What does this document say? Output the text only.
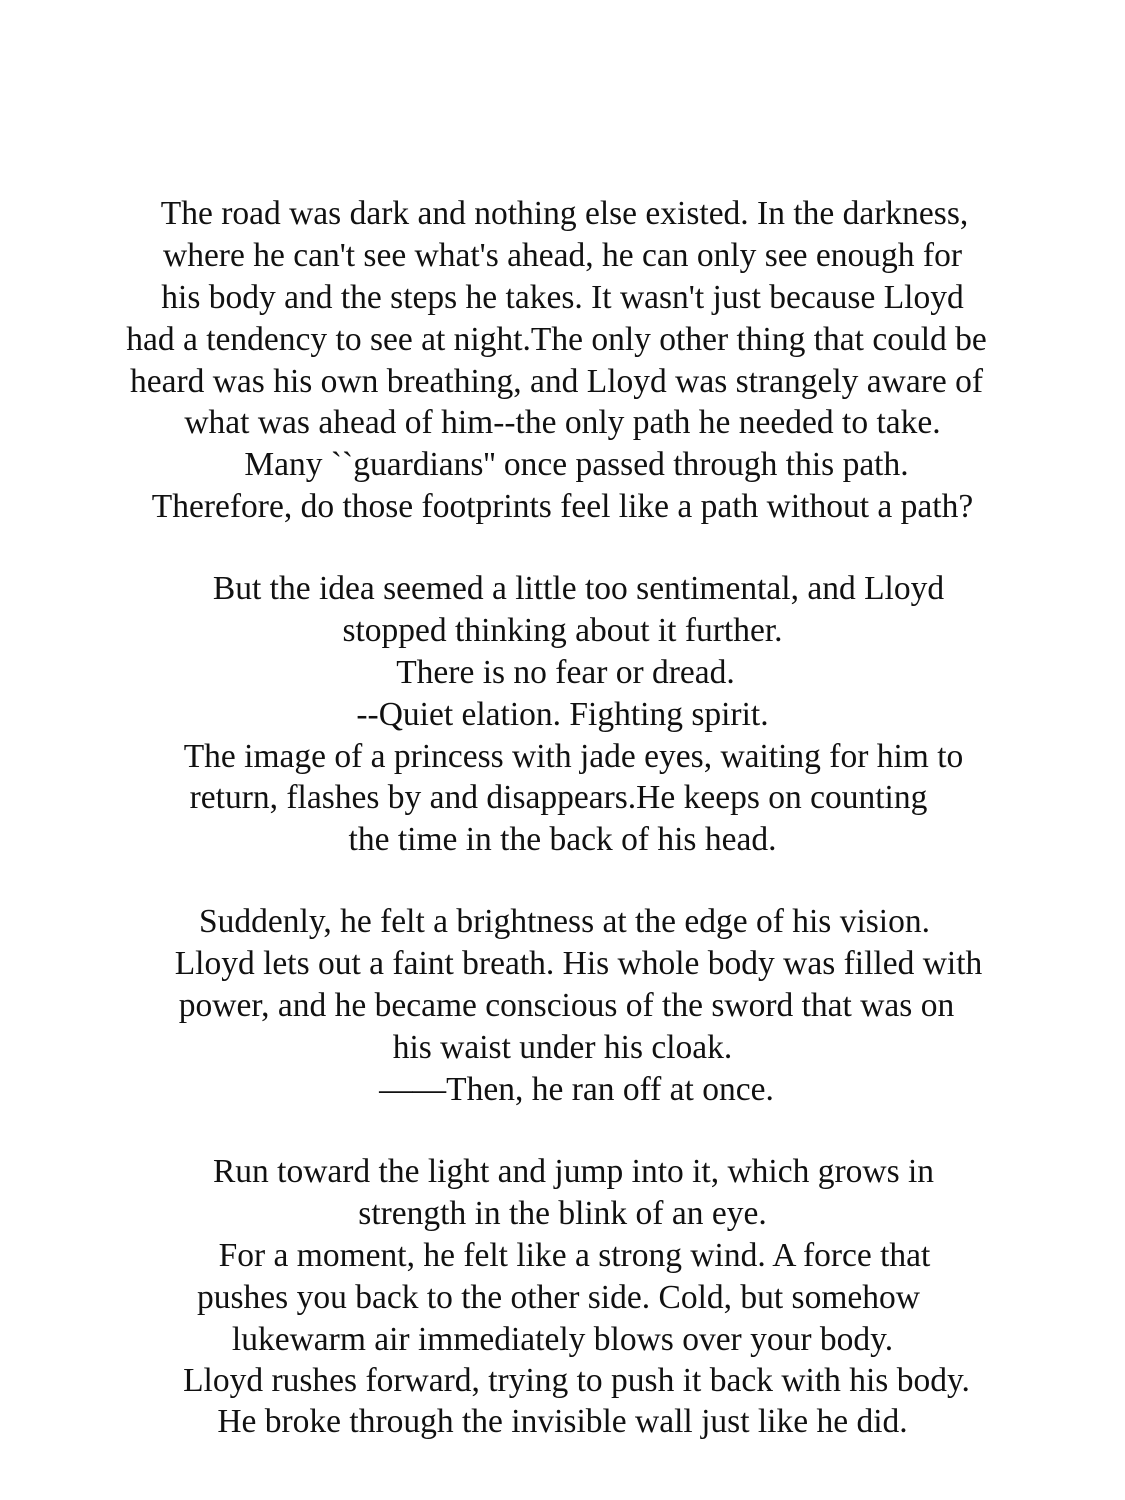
The road was dark and nothing else existed. In the darkness,
where he can't see what's ahead, he can only see enough for
his body and the steps he takes. It wasn't just because Lloyd
had a tendency to see at night.The only other thing that could be
heard was his own breathing, and Lloyd was strangely aware of
what was ahead of him--the only path he needed to take.
Many ``guardians'' once passed through this path.
Therefore, do those footprints feel like a path without a path?
But the idea seemed a little too sentimental, and Lloyd
stopped thinking about it further.
There is no fear or dread.
--Quiet elation. Fighting spirit.
The image of a princess with jade eyes, waiting for him to
return, flashes by and disappears.He keeps on counting
the time in the back of his head.
Suddenly, he felt a brightness at the edge of his vision.
Lloyd lets out a faint breath. His whole body was filled with
power, and he became conscious of the sword that was on
his waist under his cloak.
——Then, he ran off at once.
Run toward the light and jump into it, which grows in
strength in the blink of an eye.
For a moment, he felt like a strong wind. A force that
pushes you back to the other side. Cold, but somehow
lukewarm air immediately blows over your body.
Lloyd rushes forward, trying to push it back with his body.
He broke through the invisible wall just like he did.
